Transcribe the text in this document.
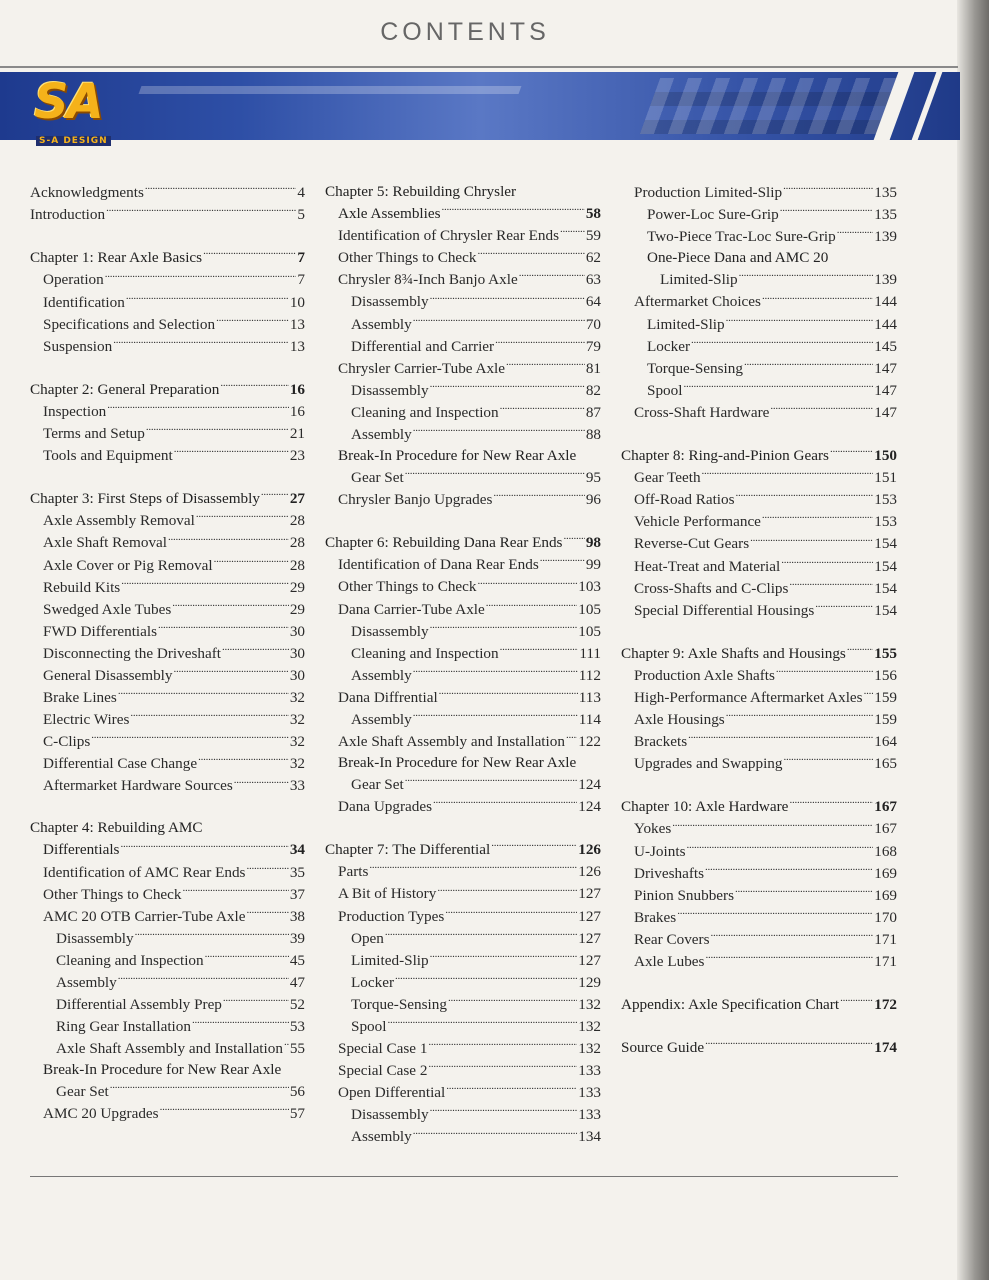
CONTENTS
SA
S-A DESIGN
Acknowledgments . . .	4
Introduction . . .	5
Chapter 1: Rear Axle Basics . . .	7
Operation . . .	7
Identification . . .	10
Specifications and Selection . . .	13
Suspension . . .	13
Chapter 2: General Preparation . . .	16
Inspection . . .	16
Terms and Setup . . .	21
Tools and Equipment . . .	23
Chapter 3: First Steps of Disassembly . . . 27
Axle Assembly Removal . . .	28
Axle Shaft Removal . . .	28
Axle Cover or Pig Removal . . .	28
Rebuild Kits . . .	29
Swedged Axle Tubes . . .	29
FWD Differentials . . .	30
Disconnecting the Driveshaft . . .	30
General Disassembly . . .	30
Brake Lines . . .	32
Electric Wires . . .	32
C-Clips . . .	32
Differential Case Change . . .	32
Aftermarket Hardware Sources . . .	33
Chapter 4: Rebuilding AMC
Differentials . . .	34
Identification of AMC Rear Ends . . .	35
Other Things to Check . . .	37
AMC 20 OTB Carrier-Tube Axle . . .	38
Disassembly . . .	39
Cleaning and Inspection . . .	45
Assembly . . .	47
Differential Assembly Prep . . .	52
Ring Gear Installation . . .	53
Axle Shaft Assembly and Installation . . . 55
Break-In Procedure for New Rear Axle
Gear Set . . .	56
AMC 20 Upgrades . . .	57
Chapter 5: Rebuilding Chrysler
Axle Assemblies . . .	58
Identification of Chrysler Rear Ends . . . 59
Other Things to Check . . .	62
Chrysler 8¾-Inch Banjo Axle . . .	63
Disassembly . . .	64
Assembly . . .	70
Differential and Carrier . . .	79
Chrysler Carrier-Tube Axle . . .	81
Disassembly . . .	82
Cleaning and Inspection . . .	87
Assembly . . .	88
Break-In Procedure for New Rear Axle
Gear Set . . .	95
Chrysler Banjo Upgrades . . .	96
Chapter 6: Rebuilding Dana Rear Ends . . . 98
Identification of Dana Rear Ends . . .	99
Other Things to Check . . .	103
Dana Carrier-Tube Axle . . .	105
Disassembly . . .	105
Cleaning and Inspection . . .	111
Assembly . . .	112
Dana Diffrential . . .	113
Assembly . . .	114
Axle Shaft Assembly and Installation . . . 122
Break-In Procedure for New Rear Axle
Gear Set . . .	124
Dana Upgrades . . .	124
Chapter 7: The Differential . . .	126
Parts . . .	126
A Bit of History . . .	127
Production Types . . .	127
Open . . .	127
Limited-Slip . . .	127
Locker . . .	129
Torque-Sensing . . .	132
Spool . . .	132
Special Case 1 . . .	132
Special Case 2 . . .	133
Open Differential . . .	133
Disassembly . . .	133
Assembly . . .	134
Production Limited-Slip . . .	135
Power-Loc Sure-Grip . . .	135
Two-Piece Trac-Loc Sure-Grip . . .	139
One-Piece Dana and AMC 20
Limited-Slip . . .	139
Aftermarket Choices . . .	144
Limited-Slip . . .	144
Locker . . .	145
Torque-Sensing . . .	147
Spool . . .	147
Cross-Shaft Hardware . . .	147
Chapter 8: Ring-and-Pinion Gears . . .	150
Gear Teeth . . .	151
Off-Road Ratios . . .	153
Vehicle Performance . . .	153
Reverse-Cut Gears . . .	154
Heat-Treat and Material . . .	154
Cross-Shafts and C-Clips . . .	154
Special Differential Housings . . .	154
Chapter 9: Axle Shafts and Housings . . . 155
Production Axle Shafts . . .	156
High-Performance Aftermarket Axles . . . 159
Axle Housings . . .	159
Brackets . . .	164
Upgrades and Swapping . . .	165
Chapter 10: Axle Hardware . . .	167
Yokes . . .	167
U-Joints . . .	168
Driveshafts . . .	169
Pinion Snubbers . . .	169
Brakes . . .	170
Rear Covers . . .	171
Axle Lubes . . .	171
Appendix: Axle Specification Chart . . . 172
Source Guide . . .	174
